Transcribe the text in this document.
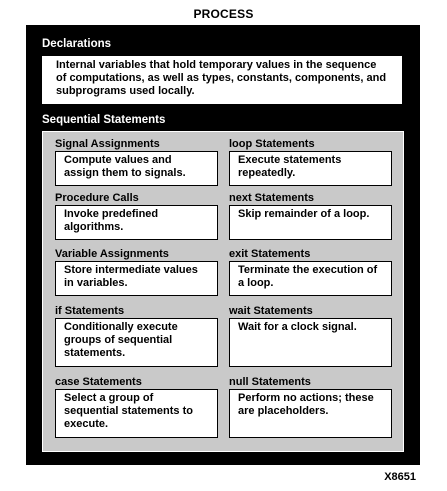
PROCESS
Declarations
Internal variables that hold temporary values in the sequence of computations, as well as types, constants, components, and subprograms used locally.
Sequential Statements
Signal Assignments
Compute values and assign them to signals.
loop Statements
Execute statements repeatedly.
Procedure Calls
Invoke predefined algorithms.
next Statements
Skip remainder of a loop.
Variable Assignments
Store intermediate values in variables.
exit Statements
Terminate the execution of a loop.
if Statements
Conditionally execute groups of sequential statements.
wait Statements
Wait for a clock signal.
case Statements
Select a group of sequential statements to execute.
null Statements
Perform no actions; these are placeholders.
X8651
